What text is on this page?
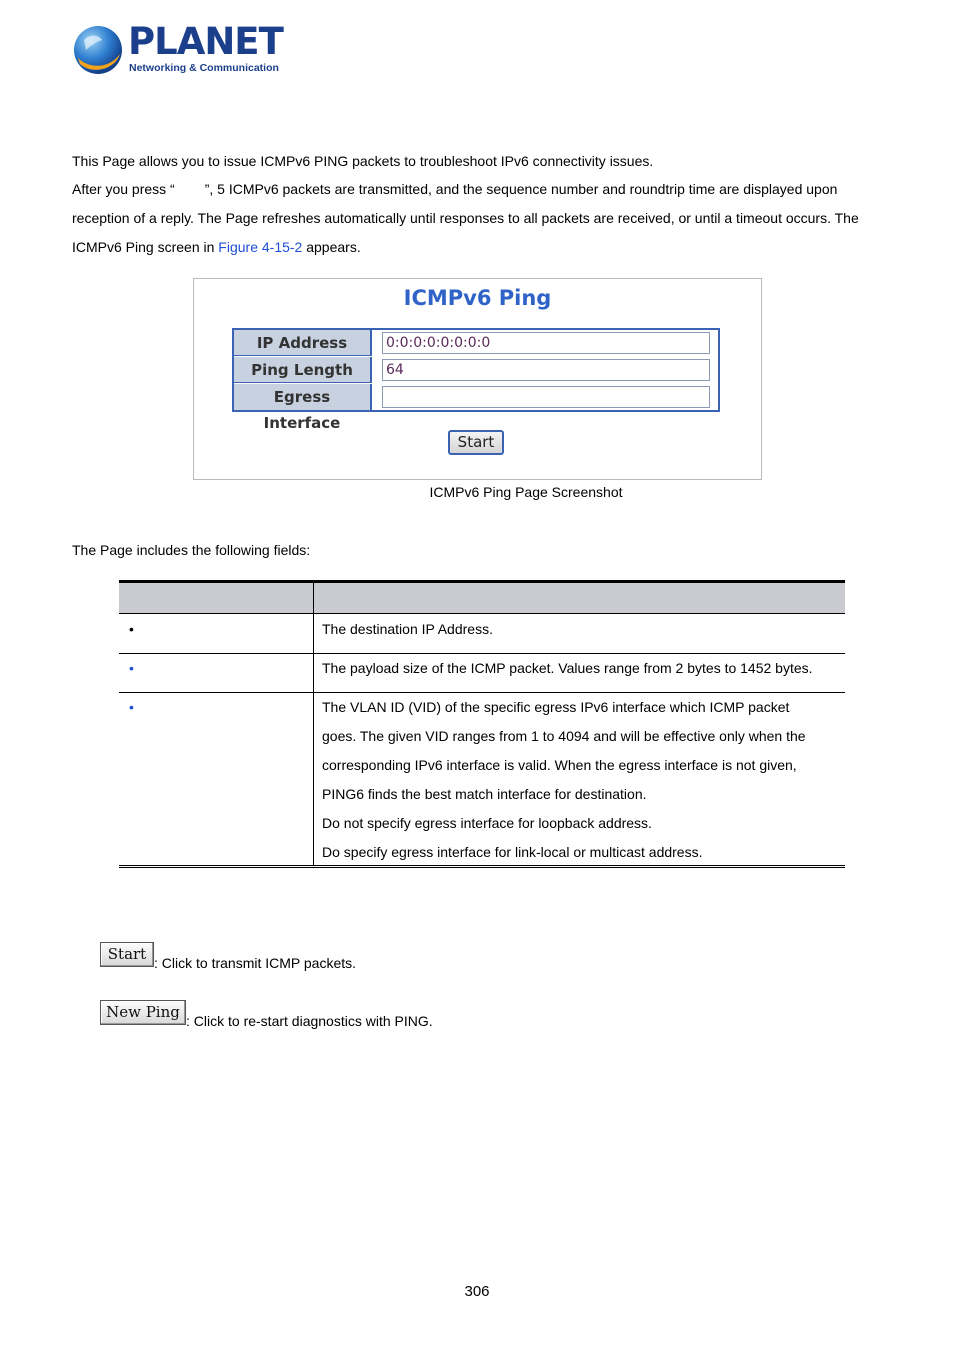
PLANET
Networking & Communication
This Page allows you to issue ICMPv6 PING packets to troubleshoot IPv6 connectivity issues.
After you press “ ”, 5 ICMPv6 packets are transmitted, and the sequence number and roundtrip time are displayed upon
reception of a reply. The Page refreshes automatically until responses to all packets are received, or until a timeout occurs. The
ICMPv6 Ping screen in Figure 4-15-2 appears.
ICMPv6 Ping
IP Address	0:0:0:0:0:0:0:0
Ping Length	64
Egress Interface
Start
ICMPv6 Ping Page Screenshot
The Page includes the following fields:
•	The destination IP Address.
•	The payload size of the ICMP packet. Values range from 2 bytes to 1452 bytes.
•	The VLAN ID (VID) of the specific egress IPv6 interface which ICMP packet
goes. The given VID ranges from 1 to 4094 and will be effective only when the
corresponding IPv6 interface is valid. When the egress interface is not given,
PING6 finds the best match interface for destination.
Do not specify egress interface for loopback address.
Do specify egress interface for link-local or multicast address.
Start : Click to transmit ICMP packets.
New Ping : Click to re-start diagnostics with PING.
306
